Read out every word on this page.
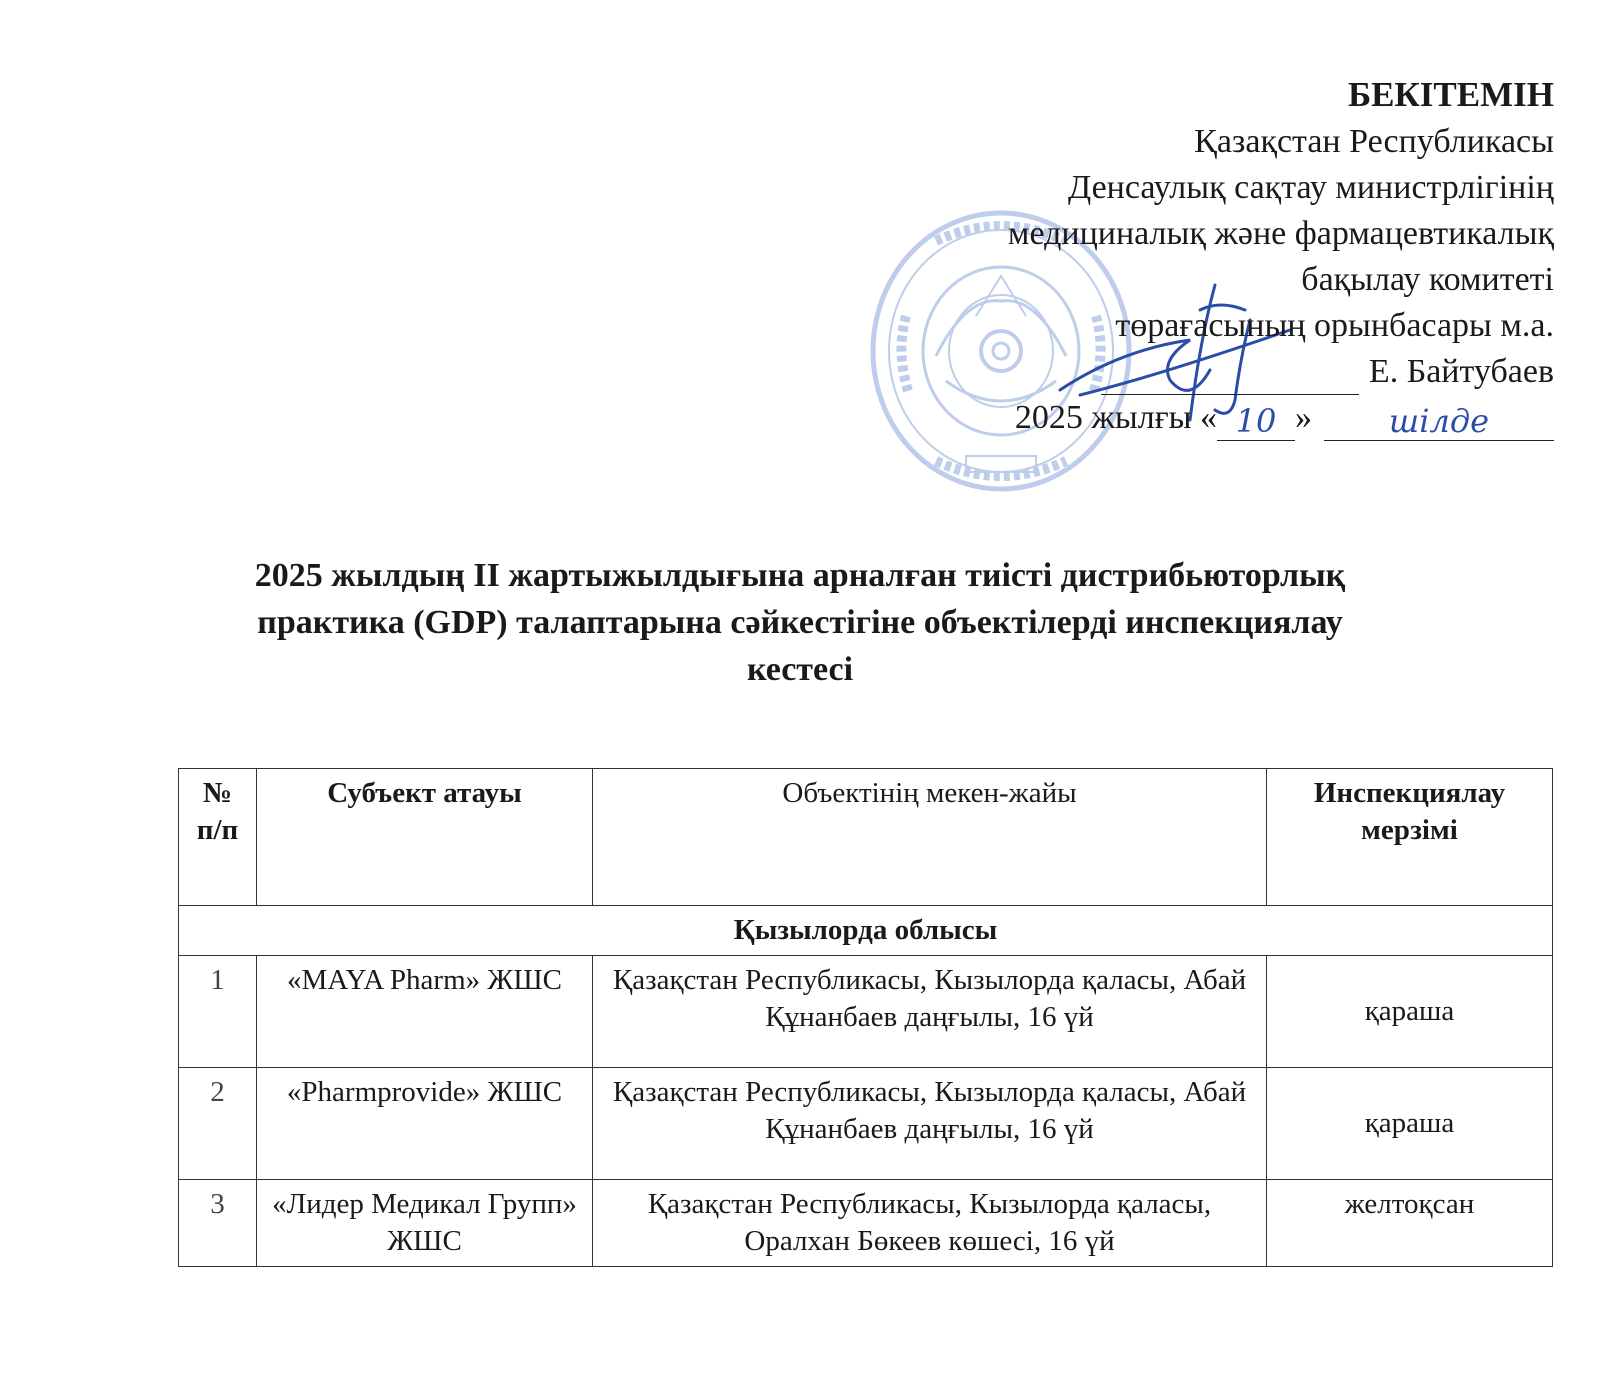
БЕКІТЕМІН
Қазақстан Республикасы
Денсаулық сақтау министрлігінің
медициналық және фармацевтикалық
бақылау комитеті
төрағасының орынбасары м.а.
Е. Байтубаев
2025 жылғы « 10 »	шілде
2025 жылдың II жартыжылдығына арналған тиісті дистрибьюторлық
практика (GDP) талаптарына сәйкестігіне объектілерді инспекциялау
кестесі
№ п/п	Субъект атауы	Объектінің мекен-жайы	Инспекциялау мерзімі
Қызылорда облысы			
1	«MAYA Pharm» ЖШС	Қазақстан Республикасы, Кызылорда қаласы, Абай Құнанбаев даңғылы, 16 үй	қараша
2	«Pharmprovide» ЖШС	Қазақстан Республикасы, Кызылорда қаласы, Абай Құнанбаев даңғылы, 16 үй	қараша
3	«Лидер Медикал Групп» ЖШС	Қазақстан Республикасы, Кызылорда қаласы, Оралхан Бөкеев көшесі, 16 үй	желтоқсан
